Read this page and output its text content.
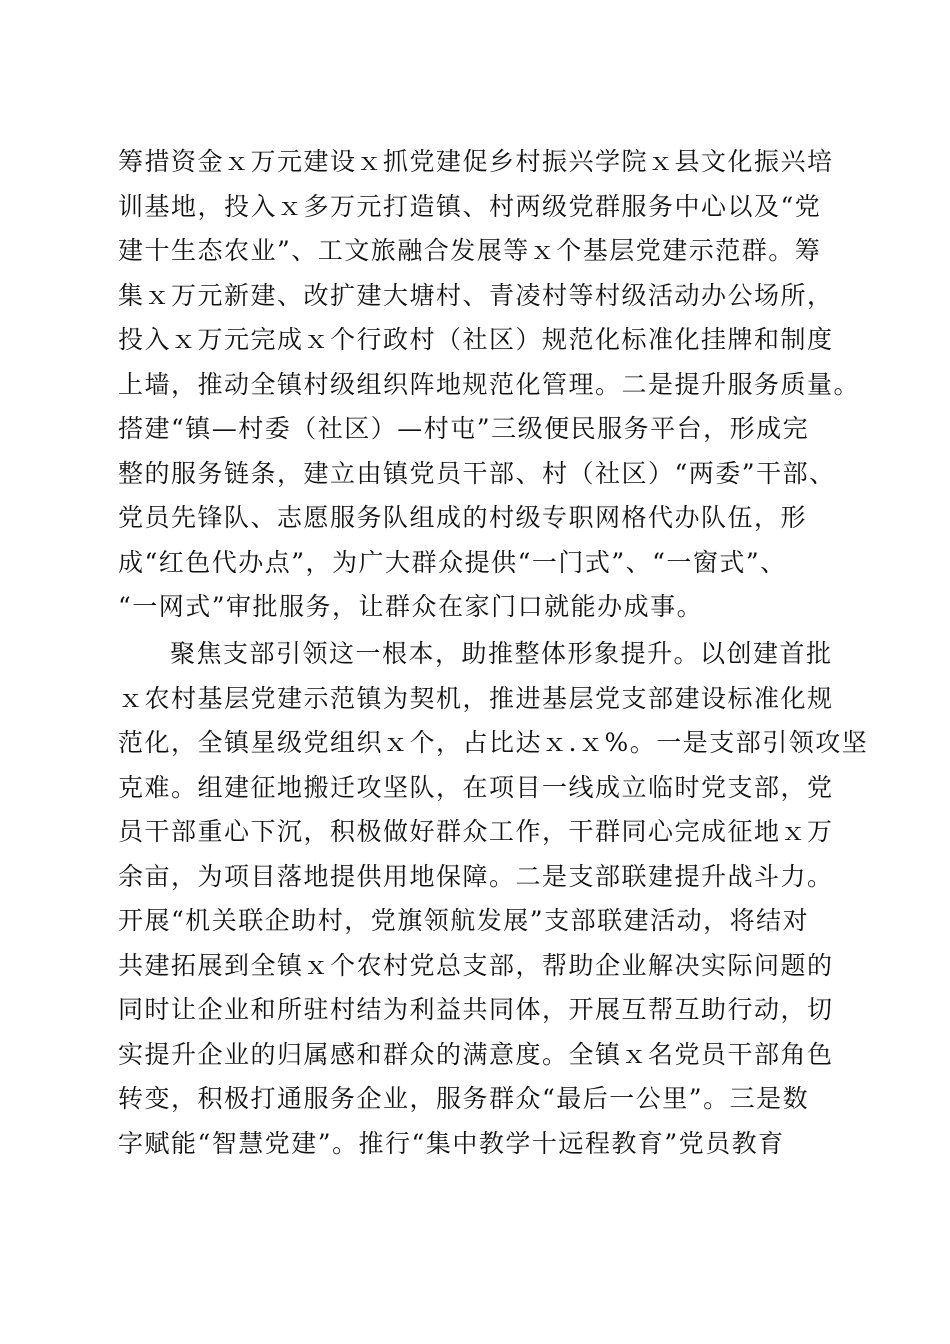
筹措资金ｘ万元建设ｘ抓党建促乡村振兴学院ｘ县文化振兴培
训基地，投入ｘ多万元打造镇、村两级党群服务中心以及“党
建十生态农业”、工文旅融合发展等ｘ个基层党建示范群。筹
集ｘ万元新建、改扩建大塘村、青凌村等村级活动办公场所，
投入ｘ万元完成ｘ个行政村（社区）规范化标准化挂牌和制度
上墙，推动全镇村级组织阵地规范化管理。二是提升服务质量。
搭建“镇—村委（社区）—村屯”三级便民服务平台，形成完
整的服务链条，建立由镇党员干部、村（社区）“两委”干部、
党员先锋队、志愿服务队组成的村级专职网格代办队伍，形
成“红色代办点”，为广大群众提供“一门式”、“一窗式”、
“一网式”审批服务，让群众在家门口就能办成事。
聚焦支部引领这一根本，助推整体形象提升。以创建首批
ｘ农村基层党建示范镇为契机，推进基层党支部建设标准化规
范化，全镇星级党组织ｘ个，占比达ｘ.ｘ%。一是支部引领攻坚
克难。组建征地搬迁攻坚队，在项目一线成立临时党支部，党
员干部重心下沉，积极做好群众工作，干群同心完成征地ｘ万
余亩，为项目落地提供用地保障。二是支部联建提升战斗力。
开展“机关联企助村，党旗领航发展”支部联建活动，将结对
共建拓展到全镇ｘ个农村党总支部，帮助企业解决实际问题的
同时让企业和所驻村结为利益共同体，开展互帮互助行动，切
实提升企业的归属感和群众的满意度。全镇ｘ名党员干部角色
转变，积极打通服务企业，服务群众“最后一公里”。三是数
字赋能“智慧党建”。推行“集中教学十远程教育”党员教育
